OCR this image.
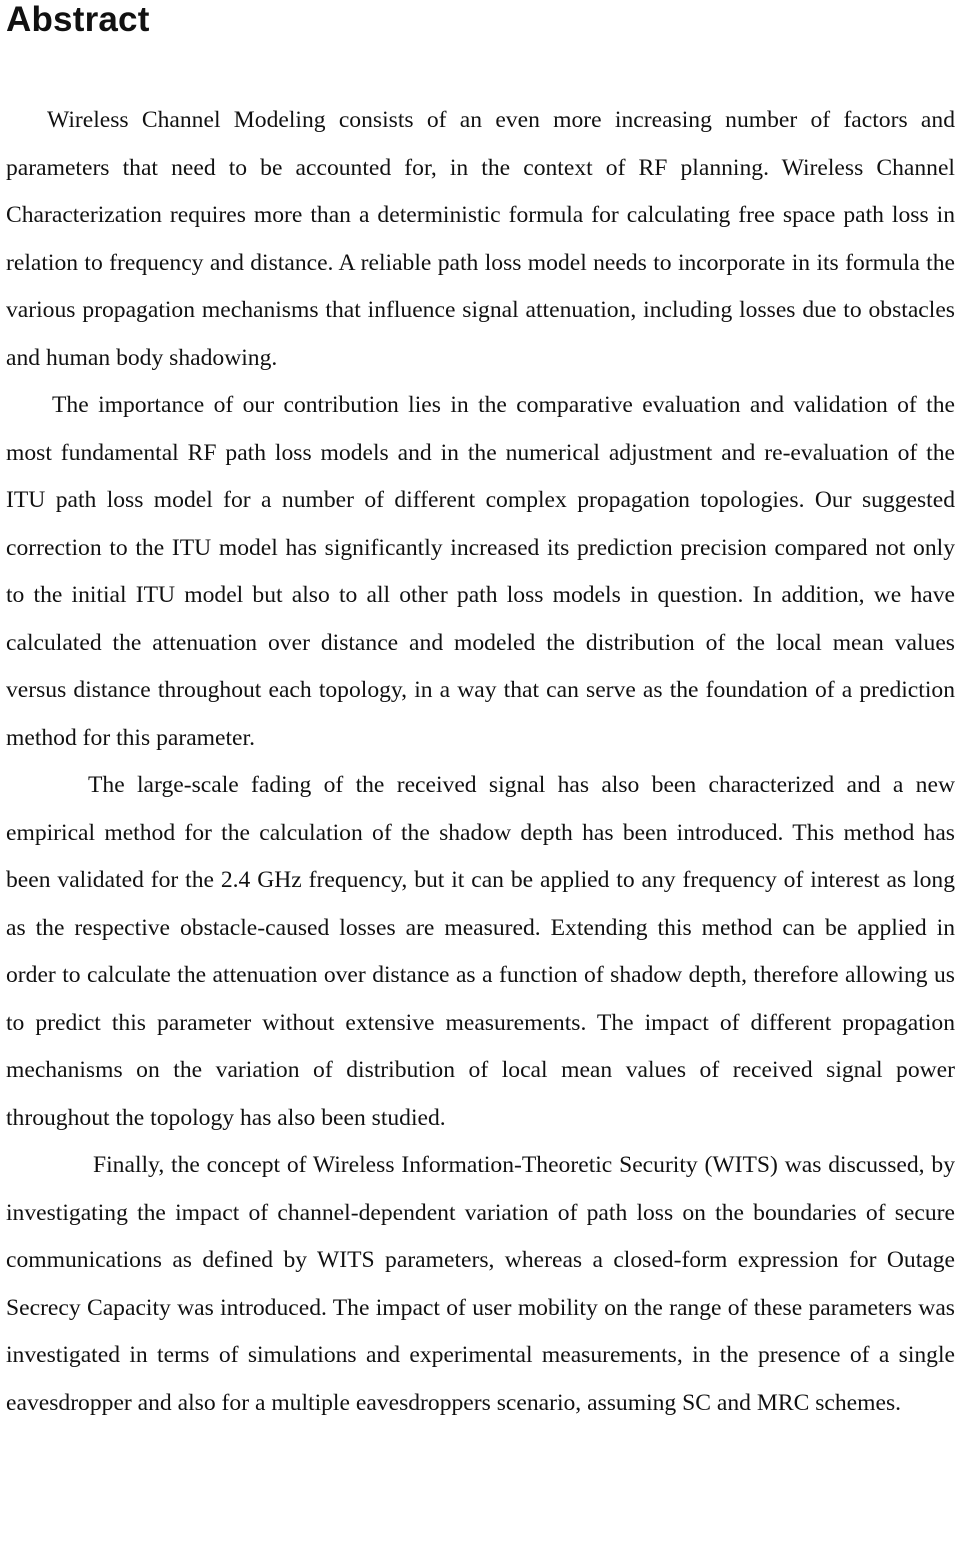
Abstract

Wireless Channel Modeling consists of an even more increasing number of factors and parameters that need to be accounted for, in the context of RF planning. Wireless Channel Characterization requires more than a deterministic formula for calculating free space path loss in relation to frequency and distance. A reliable path loss model needs to incorporate in its formula the various propagation mechanisms that influence signal attenuation, including losses due to obstacles and human body shadowing.

The importance of our contribution lies in the comparative evaluation and validation of the most fundamental RF path loss models and in the numerical adjustment and re-evaluation of the ITU path loss model for a number of different complex propagation topologies. Our suggested correction to the ITU model has significantly increased its prediction precision compared not only to the initial ITU model but also to all other path loss models in question. In addition, we have calculated the attenuation over distance and modeled the distribution of the local mean values versus distance throughout each topology, in a way that can serve as the foundation of a prediction method for this parameter.

The large-scale fading of the received signal has also been characterized and a new empirical method for the calculation of the shadow depth has been introduced. This method has been validated for the 2.4 GHz frequency, but it can be applied to any frequency of interest as long as the respective obstacle-caused losses are measured. Extending this method can be applied in order to calculate the attenuation over distance as a function of shadow depth, therefore allowing us to predict this parameter without extensive measurements. The impact of different propagation mechanisms on the variation of distribution of local mean values of received signal power throughout the topology has also been studied.

Finally, the concept of Wireless Information-Theoretic Security (WITS) was discussed, by investigating the impact of channel-dependent variation of path loss on the boundaries of secure communications as defined by WITS parameters, whereas a closed-form expression for Outage Secrecy Capacity was introduced. The impact of user mobility on the range of these parameters was investigated in terms of simulations and experimental measurements, in the presence of a single eavesdropper and also for a multiple eavesdroppers scenario, assuming SC and MRC schemes.
